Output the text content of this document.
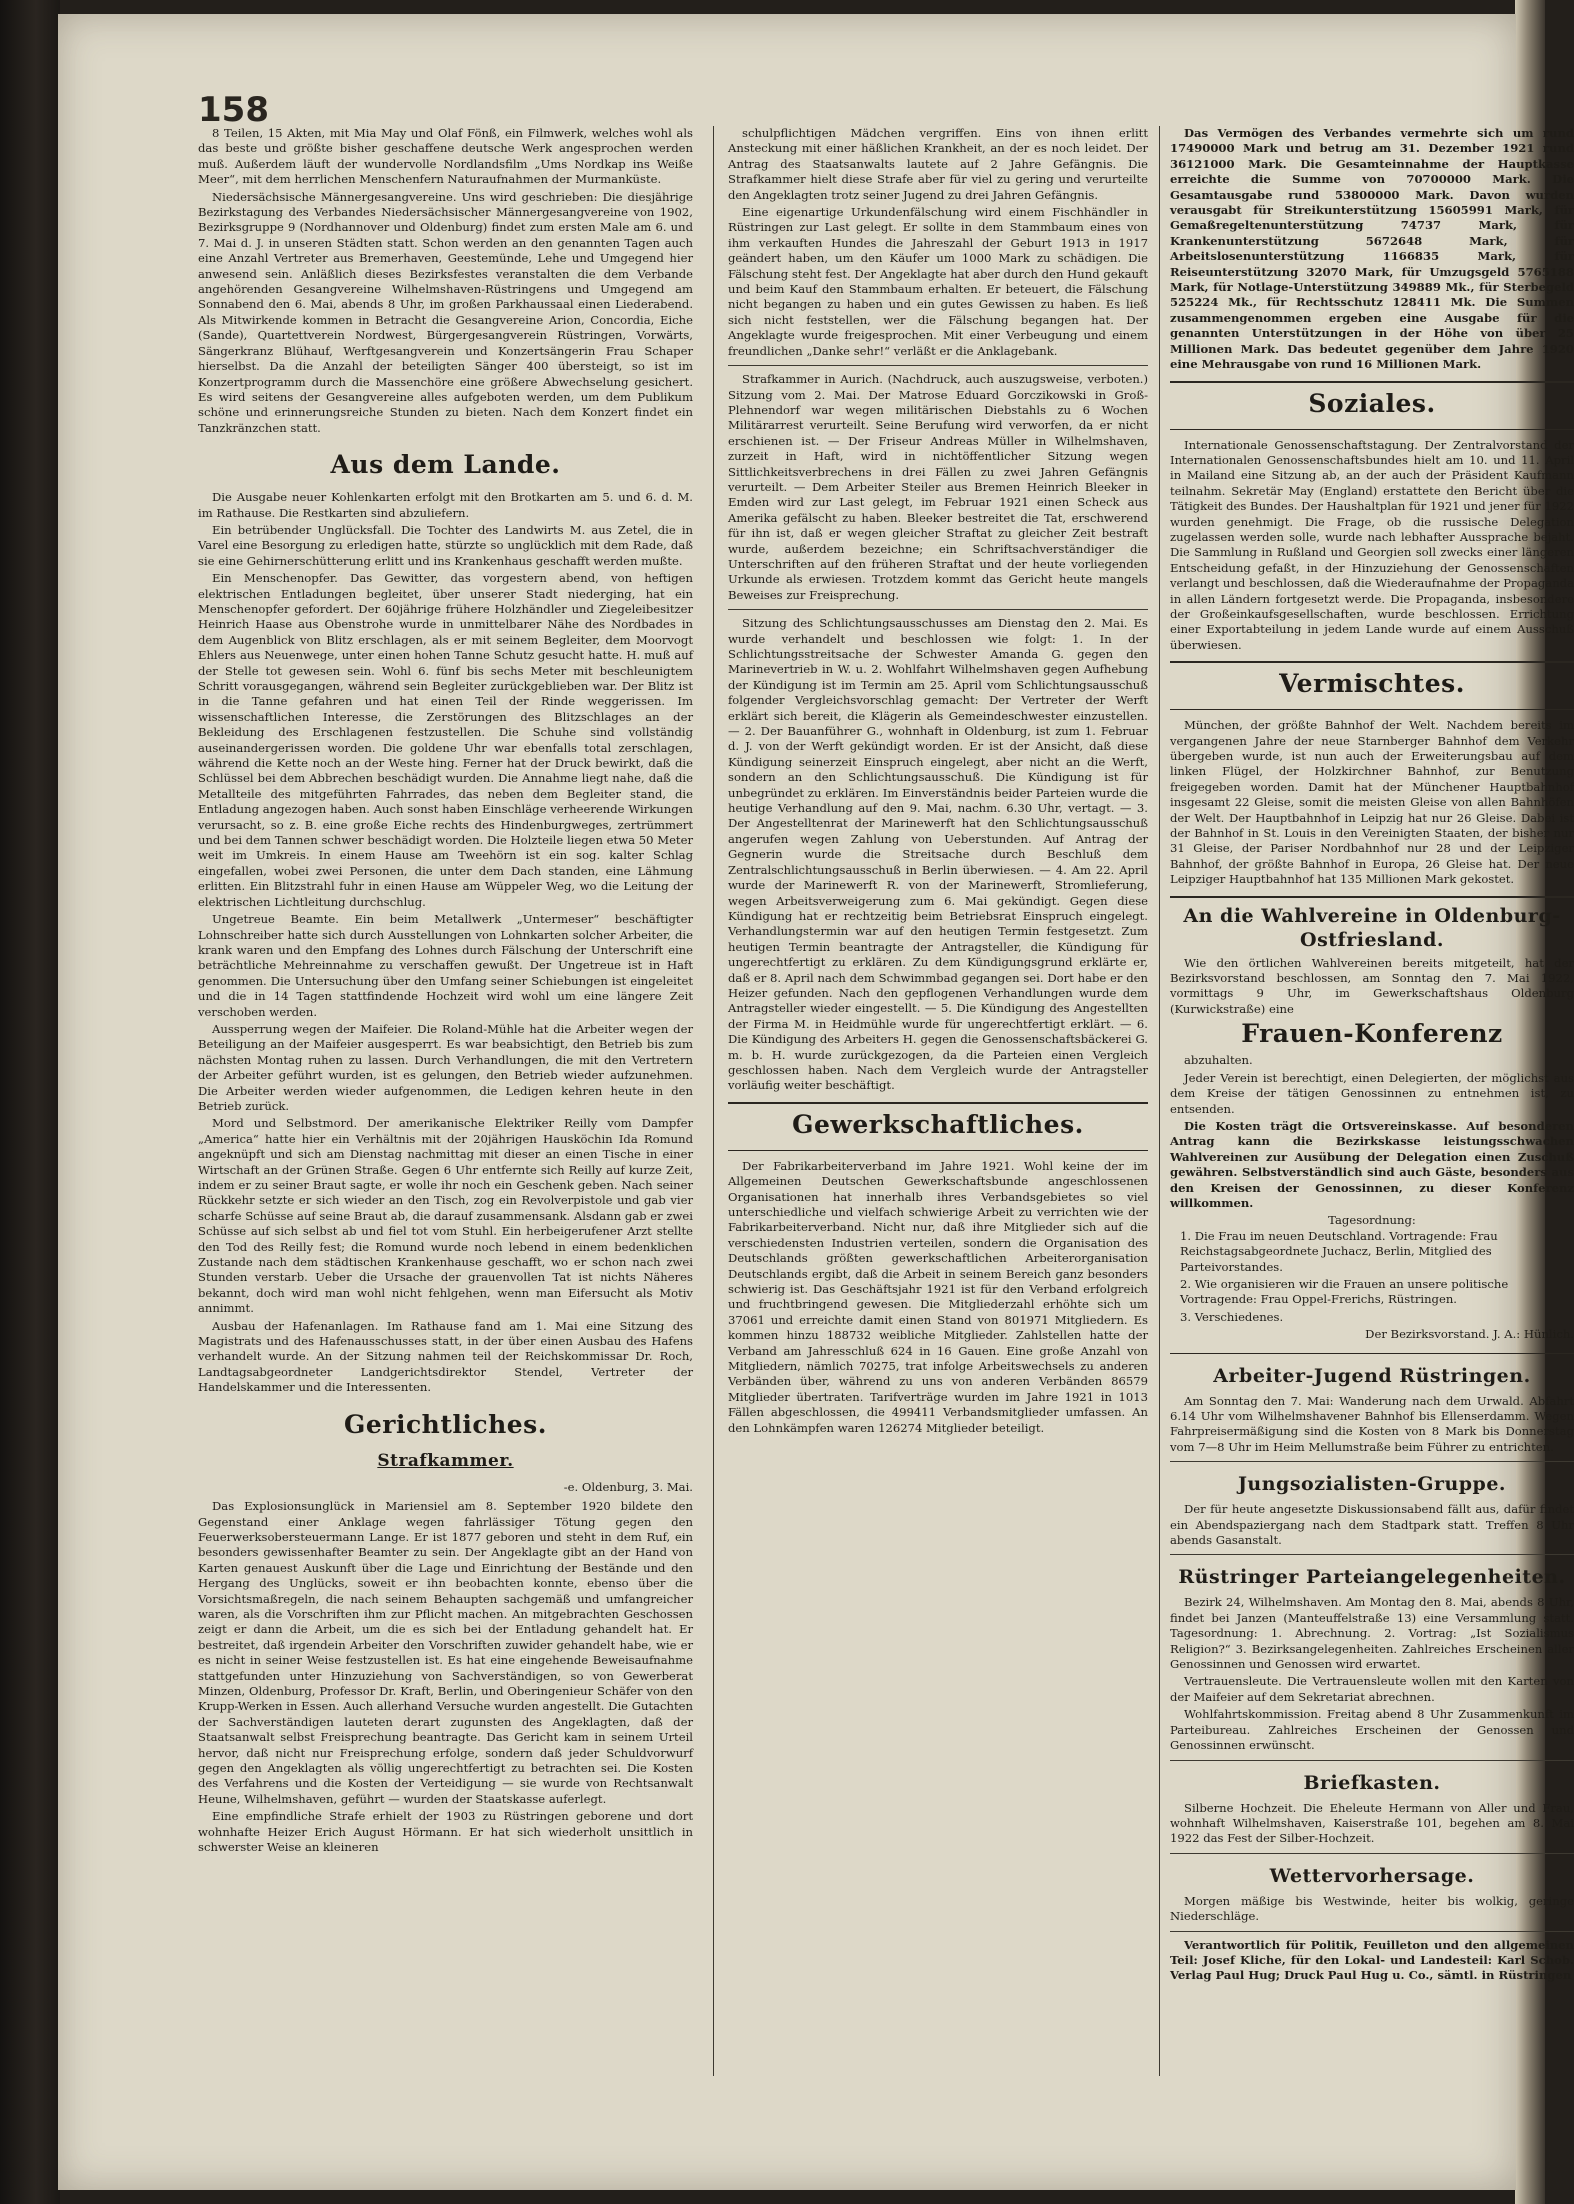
158

8 Teilen, 15 Akten, mit Mia May und Olaf Fönß, ein Filmwerk, welches wohl als das beste und größte bisher geschaffene deutsche Werk angesprochen werden muß. Außerdem läuft der wundervolle Nordlandsfilm „Ums Nordkap ins Weiße Meer“, mit dem herrlichen Menschenfern Naturaufnahmen der Murmanküste.

Niedersächsische Männergesangvereine. Uns wird geschrieben: Die diesjährige Bezirkstagung des Verbandes Niedersächsischer Männergesangvereine von 1902, Bezirksgruppe 9 (Nordhannover und Oldenburg) findet zum ersten Male am 6. und 7. Mai d. J. in unseren Städten statt. Schon werden an den genannten Tagen auch eine Anzahl Vertreter aus Bremerhaven, Geestemünde, Lehe und Umgegend hier anwesend sein. Anläßlich dieses Bezirksfestes veranstalten die dem Verbande angehörenden Gesangvereine Wilhelmshaven-Rüstringens und Umgegend am Sonnabend den 6. Mai, abends 8 Uhr, im großen Parkhaussaal einen Liederabend. Als Mitwirkende kommen in Betracht die Gesangvereine Arion, Concordia, Eiche (Sande), Quartettverein Nordwest, Bürgergesangverein Rüstringen, Vorwärts, Sängerkranz Blühauf, Werftgesangverein und Konzertsängerin Frau Schaper hierselbst. Da die Anzahl der beteiligten Sänger 400 übersteigt, so ist im Konzertprogramm durch die Massenchöre eine größere Abwechselung gesichert. Es wird seitens der Gesangvereine alles aufgeboten werden, um dem Publikum schöne und erinnerungsreiche Stunden zu bieten. Nach dem Konzert findet ein Tanzkränzchen statt.

Aus dem Lande.

Die Ausgabe neuer Kohlenkarten erfolgt mit den Brotkarten am 5. und 6. d. M. im Rathause. Die Restkarten sind abzuliefern.

Ein betrübender Unglücksfall. Die Tochter des Landwirts M. aus Zetel, die in Varel eine Besorgung zu erledigen hatte, stürzte so unglücklich mit dem Rade, daß sie eine Gehirnerschütterung erlitt und ins Krankenhaus geschafft werden mußte.

Ein Menschenopfer. Das Gewitter, das vorgestern abend, von heftigen elektrischen Entladungen begleitet, über unserer Stadt niederging, hat ein Menschenopfer gefordert. Der 60jährige frühere Holzhändler und Ziegeleibesitzer Heinrich Haase aus Obenstrohe wurde in unmittelbarer Nähe des Nordbades in dem Augenblick von Blitz erschlagen, als er mit seinem Begleiter, dem Moorvogt Ehlers aus Neuenwege, unter einen hohen Tanne Schutz gesucht hatte. H. muß auf der Stelle tot gewesen sein. Wohl 6. fünf bis sechs Meter mit beschleunigtem Schritt vorausgegangen, während sein Begleiter zurückgeblieben war. Der Blitz ist in die Tanne gefahren und hat einen Teil der Rinde weggerissen. Im wissenschaftlichen Interesse, die Zerstörungen des Blitzschlages an der Bekleidung des Erschlagenen festzustellen. Die Schuhe sind vollständig auseinandergerissen worden. Die goldene Uhr war ebenfalls total zerschlagen, während die Kette noch an der Weste hing. Ferner hat der Druck bewirkt, daß die Schlüssel bei dem Abbrechen beschädigt wurden. Die Annahme liegt nahe, daß die Metallteile des mitgeführten Fahrrades, das neben dem Begleiter stand, die Entladung angezogen haben. Auch sonst haben Einschläge verheerende Wirkungen verursacht, so z. B. eine große Eiche rechts des Hindenburgweges, zertrümmert und bei dem Tannen schwer beschädigt worden. Die Holzteile liegen etwa 50 Meter weit im Umkreis. In einem Hause am Tweehörn ist ein sog. kalter Schlag eingefallen, wobei zwei Personen, die unter dem Dach standen, eine Lähmung erlitten. Ein Blitzstrahl fuhr in einen Hause am Wüppeler Weg, wo die Leitung der elektrischen Lichtleitung durchschlug.

Ungetreue Beamte. Ein beim Metallwerk „Untermeser“ beschäftigter Lohnschreiber hatte sich durch Ausstellungen von Lohnkarten solcher Arbeiter, die krank waren und den Empfang des Lohnes durch Fälschung der Unterschrift eine beträchtliche Mehreinnahme zu verschaffen gewußt. Der Ungetreue ist in Haft genommen. Die Untersuchung über den Umfang seiner Schiebungen ist eingeleitet und die in 14 Tagen stattfindende Hochzeit wird wohl um eine längere Zeit verschoben werden.

Aussperrung wegen der Maifeier. Die Roland-Mühle hat die Arbeiter wegen der Beteiligung an der Maifeier ausgesperrt. Es war beabsichtigt, den Betrieb bis zum nächsten Montag ruhen zu lassen. Durch Verhandlungen, die mit den Vertretern der Arbeiter geführt wurden, ist es gelungen, den Betrieb wieder aufzunehmen. Die Arbeiter werden wieder aufgenommen, die Ledigen kehren heute in den Betrieb zurück.

Mord und Selbstmord. Der amerikanische Elektriker Reilly vom Dampfer „America“ hatte hier ein Verhältnis mit der 20jährigen Hausköchin Ida Romund angeknüpft und sich am Dienstag nachmittag mit dieser an einen Tische in einer Wirtschaft an der Grünen Straße. Gegen 6 Uhr entfernte sich Reilly auf kurze Zeit, indem er zu seiner Braut sagte, er wolle ihr noch ein Geschenk geben. Nach seiner Rückkehr setzte er sich wieder an den Tisch, zog ein Revolverpistole und gab vier scharfe Schüsse auf seine Braut ab, die darauf zusammensank. Alsdann gab er zwei Schüsse auf sich selbst ab und fiel tot vom Stuhl. Ein herbeigerufener Arzt stellte den Tod des Reilly fest; die Romund wurde noch lebend in einem bedenklichen Zustande nach dem städtischen Krankenhause geschafft, wo er schon nach zwei Stunden verstarb. Ueber die Ursache der grauenvollen Tat ist nichts Näheres bekannt, doch wird man wohl nicht fehlgehen, wenn man Eifersucht als Motiv annimmt.

Ausbau der Hafenanlagen. Im Rathause fand am 1. Mai eine Sitzung des Magistrats und des Hafenausschusses statt, in der über einen Ausbau des Hafens verhandelt wurde. An der Sitzung nahmen teil der Reichskommissar Dr. Roch, Landtagsabgeordneter Landgerichtsdirektor Stendel, Vertreter der Handelskammer und die Interessenten.

Gerichtliches.
Strafkammer.
-e. Oldenburg, 3. Mai.

Das Explosionsunglück in Mariensiel am 8. September 1920 bildete den Gegenstand einer Anklage wegen fahrlässiger Tötung gegen den Feuerwerksobersteuermann Lange. Er ist 1877 geboren und steht in dem Ruf, ein besonders gewissenhafter Beamter zu sein. Der Angeklagte gibt an der Hand von Karten genauest Auskunft über die Lage und Einrichtung der Bestände und den Hergang des Unglücks, soweit er ihn beobachten konnte, ebenso über die Vorsichtsmaßregeln, die nach seinem Behaupten sachgemäß und umfangreicher waren, als die Vorschriften ihm zur Pflicht machen. An mitgebrachten Geschossen zeigt er dann die Arbeit, um die es sich bei der Entladung gehandelt hat. Er bestreitet, daß irgendein Arbeiter den Vorschriften zuwider gehandelt habe, wie er es nicht in seiner Weise festzustellen ist. Es hat eine eingehende Beweisaufnahme stattgefunden unter Hinzuziehung von Sachverständigen, so von Gewerberat Minzen, Oldenburg, Professor Dr. Kraft, Berlin, und Oberingenieur Schäfer von den Krupp-Werken in Essen. Auch allerhand Versuche wurden angestellt. Die Gutachten der Sachverständigen lauteten derart zugunsten des Angeklagten, daß der Staatsanwalt selbst Freisprechung beantragte. Das Gericht kam in seinem Urteil hervor, daß nicht nur Freisprechung erfolge, sondern daß jeder Schuldvorwurf gegen den Angeklagten als völlig ungerechtfertigt zu betrachten sei. Die Kosten des Verfahrens und die Kosten der Verteidigung — sie wurde von Rechtsanwalt Heune, Wilhelmshaven, geführt — wurden der Staatskasse auferlegt.

Eine empfindliche Strafe erhielt der 1903 zu Rüstringen geborene und dort wohnhafte Heizer Erich August Hörmann. Er hat sich wiederholt unsittlich in schwerster Weise an kleineren

schulpflichtigen Mädchen vergriffen. Eins von ihnen erlitt Ansteckung mit einer häßlichen Krankheit, an der es noch leidet. Der Antrag des Staatsanwalts lautete auf 2 Jahre Gefängnis. Die Strafkammer hielt diese Strafe aber für viel zu gering und verurteilte den Angeklagten trotz seiner Jugend zu drei Jahren Gefängnis.

Eine eigenartige Urkundenfälschung wird einem Fischhändler in Rüstringen zur Last gelegt. Er sollte in dem Stammbaum eines von ihm verkauften Hundes die Jahreszahl der Geburt 1913 in 1917 geändert haben, um den Käufer um 1000 Mark zu schädigen. Die Fälschung steht fest. Der Angeklagte hat aber durch den Hund gekauft und beim Kauf den Stammbaum erhalten. Er beteuert, die Fälschung nicht begangen zu haben und ein gutes Gewissen zu haben. Es ließ sich nicht feststellen, wer die Fälschung begangen hat. Der Angeklagte wurde freigesprochen. Mit einer Verbeugung und einem freundlichen „Danke sehr!“ verläßt er die Anklagebank.

Strafkammer in Aurich. (Nachdruck, auch auszugsweise, verboten.) Sitzung vom 2. Mai. Der Matrose Eduard Gorczikowski in Groß-Plehnendorf war wegen militärischen Diebstahls zu 6 Wochen Militärarrest verurteilt. Seine Berufung wird verworfen, da er nicht erschienen ist. — Der Friseur Andreas Müller in Wilhelmshaven, zurzeit in Haft, wird in nichtöffentlicher Sitzung wegen Sittlichkeitsverbrechens in drei Fällen zu zwei Jahren Gefängnis verurteilt. — Dem Arbeiter Steiler aus Bremen Heinrich Bleeker in Emden wird zur Last gelegt, im Februar 1921 einen Scheck aus Amerika gefälscht zu haben. Bleeker bestreitet die Tat, erschwerend für ihn ist, daß er wegen gleicher Straftat zu gleicher Zeit bestraft wurde, außerdem bezeichne; ein Schriftsachverständiger die Unterschriften auf den früheren Straftat und der heute vorliegenden Urkunde als erwiesen. Trotzdem kommt das Gericht heute mangels Beweises zur Freisprechung.

Sitzung des Schlichtungsausschusses am Dienstag den 2. Mai. Es wurde verhandelt und beschlossen wie folgt: 1. In der Schlichtungsstreitsache der Schwester Amanda G. gegen den Marinevertrieb in W. u. 2. Wohlfahrt Wilhelmshaven gegen Aufhebung der Kündigung ist im Termin am 25. April vom Schlichtungsausschuß folgender Vergleichsvorschlag gemacht: Der Vertreter der Werft erklärt sich bereit, die Klägerin als Gemeindeschwester einzustellen. — 2. Der Bauanführer G., wohnhaft in Oldenburg, ist zum 1. Februar d. J. von der Werft gekündigt worden. Er ist der Ansicht, daß diese Kündigung seinerzeit Einspruch eingelegt, aber nicht an die Werft, sondern an den Schlichtungsausschuß. Die Kündigung ist für unbegründet zu erklären. Im Einverständnis beider Parteien wurde die heutige Verhandlung auf den 9. Mai, nachm. 6.30 Uhr, vertagt. — 3. Der Angestelltenrat der Marinewerft hat den Schlichtungsausschuß angerufen wegen Zahlung von Ueberstunden. Auf Antrag der Gegnerin wurde die Streitsache durch Beschluß dem Zentralschlichtungsausschuß in Berlin überwiesen. — 4. Am 22. April wurde der Marinewerft R. von der Marinewerft, Stromlieferung, wegen Arbeitsverweigerung zum 6. Mai gekündigt. Gegen diese Kündigung hat er rechtzeitig beim Betriebsrat Einspruch eingelegt. Verhandlungstermin war auf den heutigen Termin festgesetzt. Zum heutigen Termin beantragte der Antragsteller, die Kündigung für ungerechtfertigt zu erklären. Zu dem Kündigungsgrund erklärte er, daß er 8. April nach dem Schwimmbad gegangen sei. Dort habe er den Heizer gefunden. Nach den gepflogenen Verhandlungen wurde dem Antragsteller wieder eingestellt. — 5. Die Kündigung des Angestellten der Firma M. in Heidmühle wurde für ungerechtfertigt erklärt. — 6. Die Kündigung des Arbeiters H. gegen die Genossenschaftsbäckerei G. m. b. H. wurde zurückgezogen, da die Parteien einen Vergleich geschlossen haben. Nach dem Vergleich wurde der Antragsteller vorläufig weiter beschäftigt.

Gewerkschaftliches.

Der Fabrikarbeiterverband im Jahre 1921. Wohl keine der im Allgemeinen Deutschen Gewerkschaftsbunde angeschlossenen Organisationen hat innerhalb ihres Verbandsgebietes so viel unterschiedliche und vielfach schwierige Arbeit zu verrichten wie der Fabrikarbeiterverband. Nicht nur, daß ihre Mitglieder sich auf die verschiedensten Industrien verteilen, sondern die Organisation des Deutschlands größten gewerkschaftlichen Arbeiterorganisation Deutschlands ergibt, daß die Arbeit in seinem Bereich ganz besonders schwierig ist. Das Geschäftsjahr 1921 ist für den Verband erfolgreich und fruchtbringend gewesen. Die Mitgliederzahl erhöhte sich um 37061 und erreichte damit einen Stand von 801971 Mitgliedern. Es kommen hinzu 188732 weibliche Mitglieder. Zahlstellen hatte der Verband am Jahresschluß 624 in 16 Gauen. Eine große Anzahl von Mitgliedern, nämlich 70275, trat infolge Arbeitswechsels zu anderen Verbänden über, während zu uns von anderen Verbänden 86579 Mitglieder übertraten. Tarifverträge wurden im Jahre 1921 in 1013 Fällen abgeschlossen, die 499411 Verbandsmitglieder umfassen. An den Lohnkämpfen waren 126274 Mitglieder beteiligt.

Das Vermögen des Verbandes vermehrte sich um rund 17490000 Mark und betrug am 31. Dezember 1921 rund 36121000 Mark. Die Gesamteinnahme der Hauptkasse erreichte die Summe von 70700000 Mark. Die Gesamtausgabe rund 53800000 Mark. Davon wurden verausgabt für Streikunterstützung 15605991 Mark, für Gemaßregeltenunterstützung 74737 Mark, für Krankenunterstützung 5672648 Mark, für Arbeitslosenunterstützung 1166835 Mark, für Reiseunterstützung 32070 Mark, für Umzugsgeld 5765188 Mark, für Notlage-Unterstützung 349889 Mk., für Sterbegeld 525224 Mk., für Rechtsschutz 128411 Mk. Die Summen zusammengenommen ergeben eine Ausgabe für die genannten Unterstützungen in der Höhe von über 25 Millionen Mark. Das bedeutet gegenüber dem Jahre 1920 eine Mehrausgabe von rund 16 Millionen Mark.

Soziales.

Internationale Genossenschaftstagung. Der Zentralvorstand der Internationalen Genossenschaftsbundes hielt am 10. und 11. April in Mailand eine Sitzung ab, an der auch der Präsident Kaufmann teilnahm. Sekretär May (England) erstattete den Bericht über die Tätigkeit des Bundes. Der Haushaltplan für 1921 und jener für 1922 wurden genehmigt. Die Frage, ob die russische Delegation zugelassen werden solle, wurde nach lebhafter Aussprache bejaht. Die Sammlung in Rußland und Georgien soll zwecks einer längeren Entscheidung gefaßt, in der Hinzuziehung der Genossenschaften verlangt und beschlossen, daß die Wiederaufnahme der Propaganda in allen Ländern fortgesetzt werde. Die Propaganda, insbesondere der Großeinkaufsgesellschaften, wurde beschlossen. Errichtung einer Exportabteilung in jedem Lande wurde auf einem Ausschuß überwiesen.

Vermischtes.

München, der größte Bahnhof der Welt. Nachdem bereits im vergangenen Jahre der neue Starnberger Bahnhof dem Verkehr übergeben wurde, ist nun auch der Erweiterungsbau auf dem linken Flügel, der Holzkirchner Bahnhof, zur Benutzung freigegeben worden. Damit hat der Münchener Hauptbahnhof insgesamt 22 Gleise, somit die meisten Gleise von allen Bahnhöfen der Welt. Der Hauptbahnhof in Leipzig hat nur 26 Gleise. Dabei ist der Bahnhof in St. Louis in den Vereinigten Staaten, der bisher nur 31 Gleise, der Pariser Nordbahnhof nur 28 und der Leipziger Bahnhof, der größte Bahnhof in Europa, 26 Gleise hat. Der neue Leipziger Hauptbahnhof hat 135 Millionen Mark gekostet.

An die Wahlvereine in Oldenburg-Ostfriesland.

Wie den örtlichen Wahlvereinen bereits mitgeteilt, hat der Bezirksvorstand beschlossen, am Sonntag den 7. Mai 1922, vormittags 9 Uhr, im Gewerkschaftshaus Oldenburg (Kurwickstraße) eine

Frauen-Konferenz

abzuhalten.

Jeder Verein ist berechtigt, einen Delegierten, der möglichst aus dem Kreise der tätigen Genossinnen zu entnehmen ist, zu entsenden.

Die Kosten trägt die Ortsvereinskasse. Auf besonderen Antrag kann die Bezirkskasse leistungsschwachen Wahlvereinen zur Ausübung der Delegation einen Zuschuß gewähren. Selbstverständlich sind auch Gäste, besonders aus den Kreisen der Genossinnen, zu dieser Konferenz willkommen.

Tagesordnung:
1. Die Frau im neuen Deutschland. Vortragende: Frau Reichstagsabgeordnete Juchacz, Berlin, Mitglied des Parteivorstandes.
2. Wie organisieren wir die Frauen an unsere politische Vortragende: Frau Oppel-Frerichs, Rüstringen.
3. Verschiedenes.
Der Bezirksvorstand. J. A.: Hünlich.
Arbeiter-Jugend Rüstringen.

Am Sonntag den 7. Mai: Wanderung nach dem Urwald. Abfahrt 6.14 Uhr vom Wilhelmshavener Bahnhof bis Ellenserdamm. Wegen Fahrpreisermäßigung sind die Kosten von 8 Mark bis Donnerstag vom 7—8 Uhr im Heim Mellumstraße beim Führer zu entrichten.

Jungsozialisten-Gruppe.

Der für heute angesetzte Diskussionsabend fällt aus, dafür findet ein Abendspaziergang nach dem Stadtpark statt. Treffen 8 Uhr abends Gasanstalt.

Rüstringer Parteiangelegenheiten.

Bezirk 24, Wilhelmshaven. Am Montag den 8. Mai, abends 8 Uhr, findet bei Janzen (Manteuffelstraße 13) eine Versammlung statt. Tagesordnung: 1. Abrechnung. 2. Vortrag: „Ist Sozialismus Religion?“ 3. Bezirksangelegenheiten. Zahlreiches Erscheinen aller Genossinnen und Genossen wird erwartet.

Vertrauensleute. Die Vertrauensleute wollen mit den Karten von der Maifeier auf dem Sekretariat abrechnen.

Wohlfahrtskommission. Freitag abend 8 Uhr Zusammenkunft im Parteibureau. Zahlreiches Erscheinen der Genossen und Genossinnen erwünscht.

Briefkasten.

Silberne Hochzeit. Die Eheleute Hermann von Aller und Frau, wohnhaft Wilhelmshaven, Kaiserstraße 101, begehen am 8. Mai 1922 das Fest der Silber-Hochzeit.

Wettervorhersage.

Morgen mäßige bis Westwinde, heiter bis wolkig, geringe Niederschläge.

Verantwortlich für Politik, Feuilleton und den allgemeinen Teil: Josef Kliche, für den Lokal- und Landesteil: Karl Schob. Verlag Paul Hug; Druck Paul Hug u. Co., sämtl. in Rüstringen
